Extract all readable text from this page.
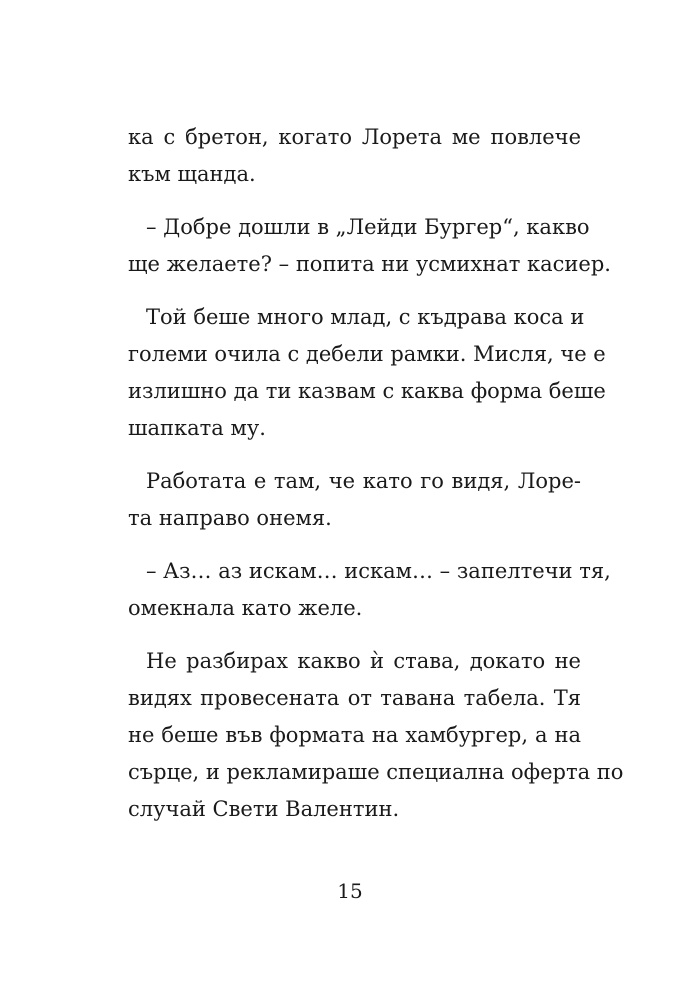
ка с бретон, когато Лорета ме повлече
към щанда.
– Добре дошли в „Лейди Бургер“, какво
ще желаете? – попита ни усмихнат касиер.
Той беше много млад, с къдрава коса и
големи очила с дебели рамки. Мисля, че е
излишно да ти казвам с каква форма беше
шапката му.
Работата е там, че като го видя, Лоре-
та направо онемя.
– Аз… аз искам… искам… – запелтечи тя,
омекнала като желе.
Не разбирах какво ѝ става, докато не
видях провесената от тавана табела. Тя
не беше във формата на хамбургер, а на
сърце, и рекламираше специална оферта по
случай Свети Валентин.
15
